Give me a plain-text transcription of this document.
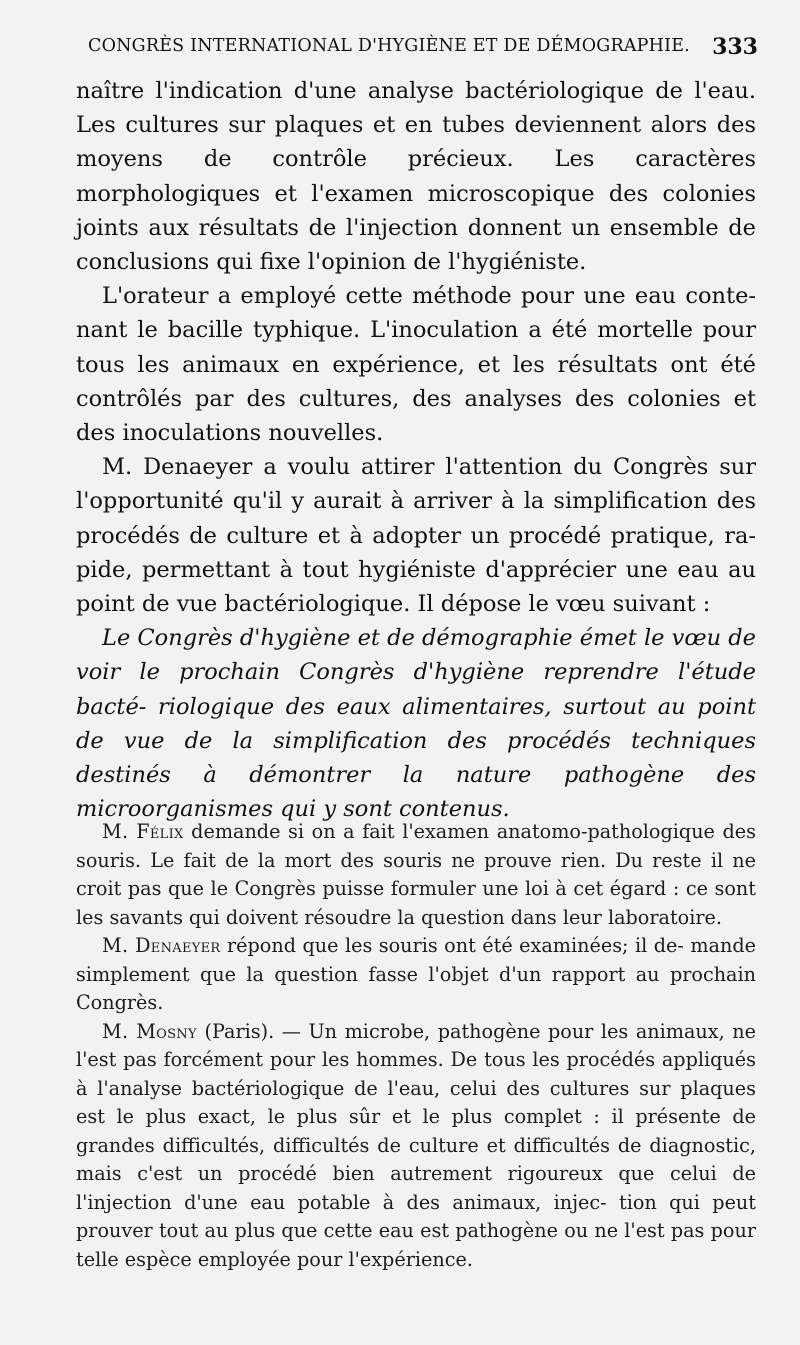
CONGRÈS INTERNATIONAL D'HYGIÈNE ET DE DÉMOGRAPHIE. 333

naître l'indication d'une analyse bactériologique de l'eau. Les cultures sur plaques et en tubes deviennent alors des moyens de contrôle précieux. Les caractères morphologiques et l'examen microscopique des colonies joints aux résultats de l'injection donnent un ensemble de conclusions qui fixe l'opinion de l'hygiéniste.

L'orateur a employé cette méthode pour une eau conte- nant le bacille typhique. L'inoculation a été mortelle pour tous les animaux en expérience, et les résultats ont été contrôlés par des cultures, des analyses des colonies et des inoculations nouvelles.

M. Denaeyer a voulu attirer l'attention du Congrès sur l'opportunité qu'il y aurait à arriver à la simplification des procédés de culture et à adopter un procédé pratique, ra- pide, permettant à tout hygiéniste d'apprécier une eau au point de vue bactériologique. Il dépose le vœu suivant :

Le Congrès d'hygiène et de démographie émet le vœu de voir le prochain Congrès d'hygiène reprendre l'étude bacté- riologique des eaux alimentaires, surtout au point de vue de la simplification des procédés techniques destinés à démontrer la nature pathogène des microorganismes qui y sont contenus.

M. Félix demande si on a fait l'examen anatomo-pathologique des souris. Le fait de la mort des souris ne prouve rien. Du reste il ne croit pas que le Congrès puisse formuler une loi à cet égard : ce sont les savants qui doivent résoudre la question dans leur laboratoire.

M. Denaeyer répond que les souris ont été examinées; il de- mande simplement que la question fasse l'objet d'un rapport au prochain Congrès.

M. Mosny (Paris). — Un microbe, pathogène pour les animaux, ne l'est pas forcément pour les hommes. De tous les procédés appliqués à l'analyse bactériologique de l'eau, celui des cultures sur plaques est le plus exact, le plus sûr et le plus complet : il présente de grandes difficultés, difficultés de culture et difficultés de diagnostic, mais c'est un procédé bien autrement rigoureux que celui de l'injection d'une eau potable à des animaux, injec- tion qui peut prouver tout au plus que cette eau est pathogène ou ne l'est pas pour telle espèce employée pour l'expérience.
